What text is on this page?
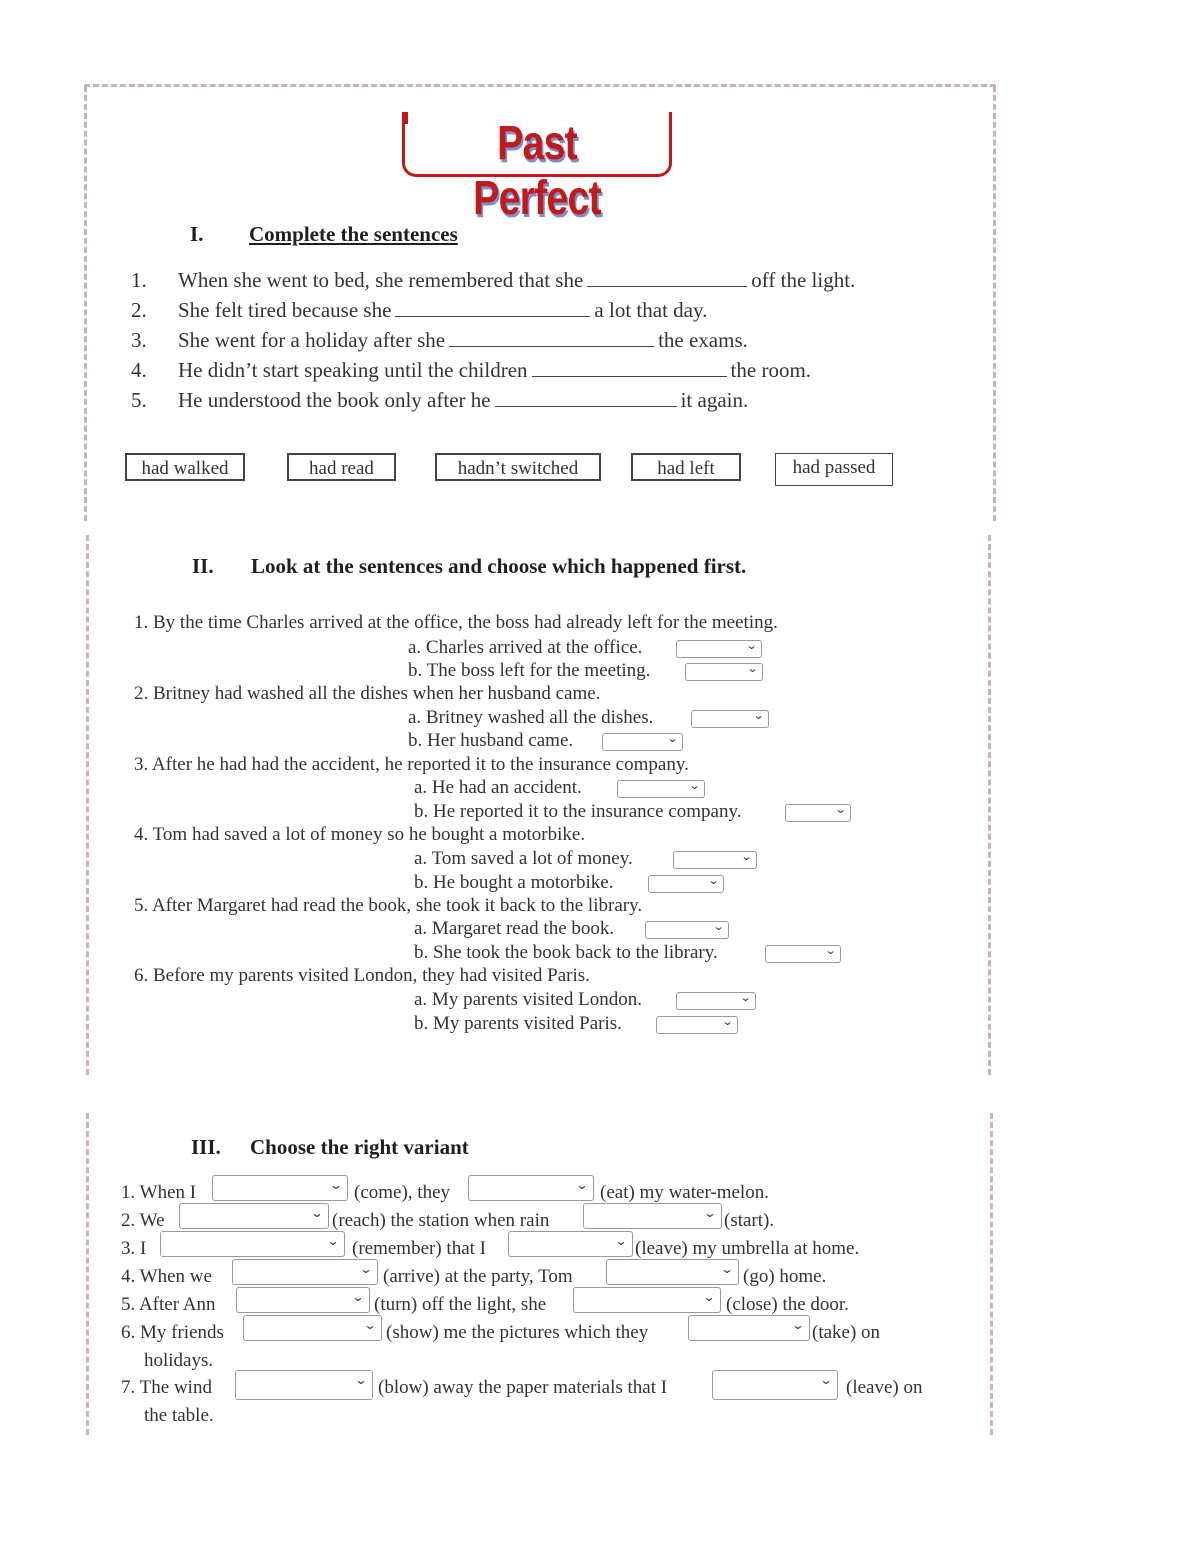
Past Perfect
I. Complete the sentences
1. When she went to bed, she remembered that she	off the light.
2. She felt tired because she	a lot that day.
3. She went for a holiday after she	the exams.
4. He didn’t start speaking until the children	the room.
5. He understood the book only after he	it again.
had walked	had read	hadn’t switched	had left	had passed
II. Look at the sentences and choose which happened first.
1. By the time Charles arrived at the office, the boss had already left for the meeting.
a. Charles arrived at the office.	⌄
b. The boss left for the meeting.	⌄
2. Britney had washed all the dishes when her husband came.
a. Britney washed all the dishes.	⌄
b. Her husband came.	⌄
3. After he had had the accident, he reported it to the insurance company.
a. He had an accident.	⌄
b. He reported it to the insurance company.	⌄
4. Tom had saved a lot of money so he bought a motorbike.
a. Tom saved a lot of money.	⌄
b. He bought a motorbike.	⌄
5. After Margaret had read the book, she took it back to the library.
a. Margaret read the book.	⌄
b. She took the book back to the library.	⌄
6. Before my parents visited London, they had visited Paris.
a. My parents visited London.	⌄
b. My parents visited Paris.	⌄
III. Choose the right variant
1. When I	⌄ (come), they	⌄ (eat) my water-melon.
2. We	⌄ (reach) the station when rain	⌄ (start).
3. I	⌄ (remember) that I	⌄ (leave) my umbrella at home.
4. When we	⌄ (arrive) at the party, Tom	⌄ (go) home.
5. After Ann	⌄ (turn) off the light, she	⌄ (close) the door.
6. My friends	⌄ (show) me the pictures which they	⌄ (take) on
holidays.
7. The wind	⌄ (blow) away the paper materials that I	⌄ (leave) on
the table.
